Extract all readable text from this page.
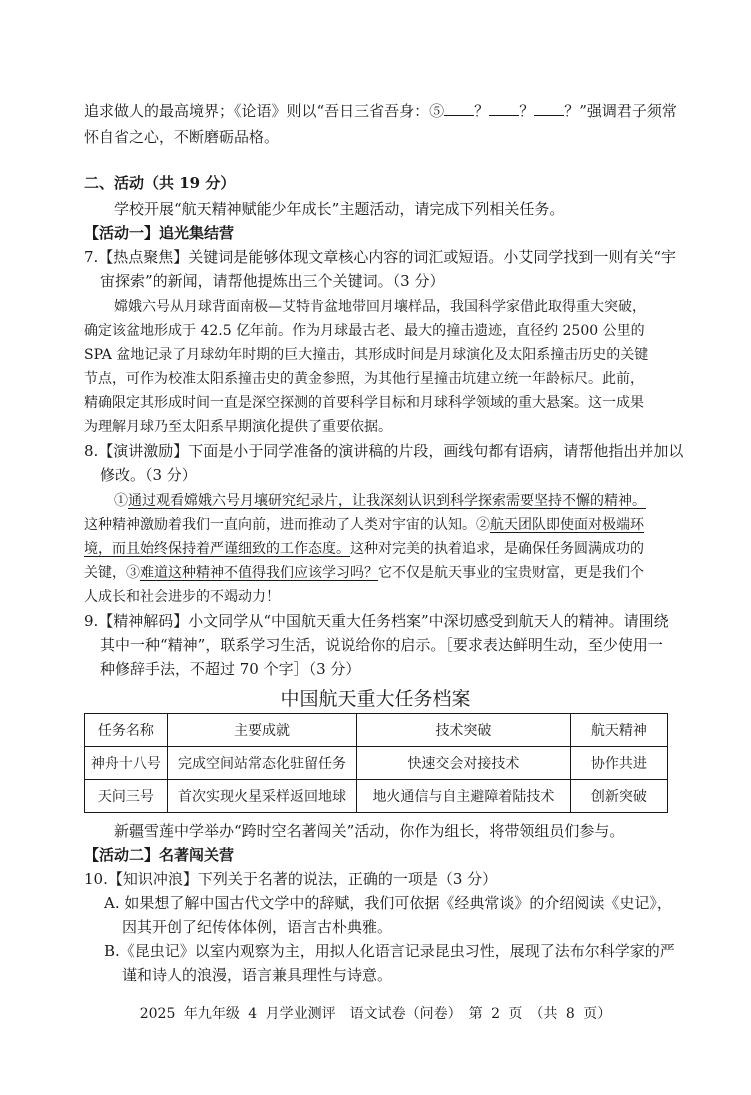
追求做人的最高境界；《论语》则以“吾日三省吾身：⑤ ？ ？ ？”强调君子须常
怀自省之心，不断磨砺品格。
二、活动（共 19 分）
学校开展“航天精神赋能少年成长”主题活动，请完成下列相关任务。
【活动一】追光集结营
7.【热点聚焦】关键词是能够体现文章核心内容的词汇或短语。小艾同学找到一则有关“宇
宙探索”的新闻，请帮他提炼出三个关键词。（3 分）
嫦娥六号从月球背面南极—艾特肯盆地带回月壤样品，我国科学家借此取得重大突破，
确定该盆地形成于 42.5 亿年前。作为月球最古老、最大的撞击遗迹，直径约 2500 公里的
SPA 盆地记录了月球幼年时期的巨大撞击，其形成时间是月球演化及太阳系撞击历史的关键
节点，可作为校准太阳系撞击史的黄金参照，为其他行星撞击坑建立统一年龄标尺。此前，
精确限定其形成时间一直是深空探测的首要科学目标和月球科学领域的重大悬案。这一成果
为理解月球乃至太阳系早期演化提供了重要依据。
8.【演讲激励】下面是小于同学准备的演讲稿的片段，画线句都有语病，请帮他指出并加以
修改。（3 分）
①通过观看嫦娥六号月壤研究纪录片，让我深刻认识到科学探索需要坚持不懈的精神。
这种精神激励着我们一直向前，进而推动了人类对宇宙的认知。②航天团队即使面对极端环
境，而且始终保持着严谨细致的工作态度。这种对完美的执着追求，是确保任务圆满成功的
关键，③难道这种精神不值得我们应该学习吗？它不仅是航天事业的宝贵财富，更是我们个
人成长和社会进步的不竭动力！
9.【精神解码】小文同学从“中国航天重大任务档案”中深切感受到航天人的精神。请围绕
其中一种“精神”，联系学习生活，说说给你的启示。［要求表达鲜明生动，至少使用一
种修辞手法，不超过 70 个字］（3 分）
中国航天重大任务档案
任务名称	主要成就	技术突破	航天精神
神舟十八号	完成空间站常态化驻留任务	快速交会对接技术	协作共进
天问三号	首次实现火星采样返回地球	地火通信与自主避障着陆技术	创新突破
新疆雪莲中学举办“跨时空名著闯关”活动，你作为组长，将带领组员们参与。
【活动二】名著闯关营
10.【知识冲浪】下列关于名著的说法，正确的一项是（3 分）
A. 如果想了解中国古代文学中的辞赋，我们可依据《经典常谈》的介绍阅读《史记》，
因其开创了纪传体体例，语言古朴典雅。
B.《昆虫记》以室内观察为主，用拟人化语言记录昆虫习性，展现了法布尔科学家的严
谨和诗人的浪漫，语言兼具理性与诗意。
2025 年九年级 4 月学业测评　语文试卷（问卷）　第 2 页　（共 8 页）
